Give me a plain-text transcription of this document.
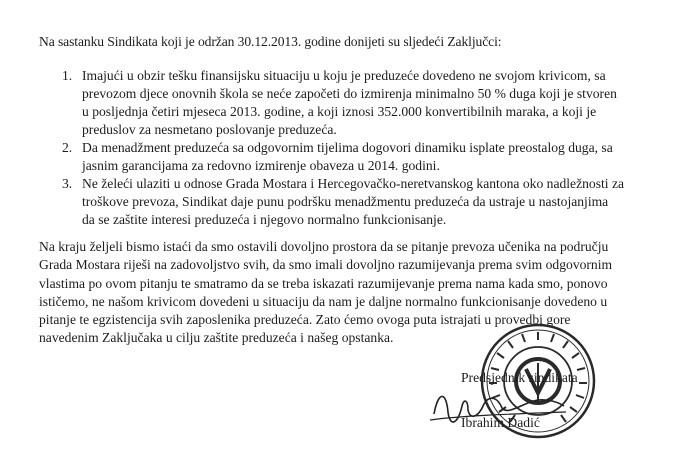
Na sastanku Sindikata koji je održan 30.12.2013. godine donijeti su sljedeći Zaključci:
1. Imajući u obzir tešku finansijsku situaciju u koju je preduzeće dovedeno ne svojom krivicom, sa
prevozom djece onovnih škola se neće započeti do izmirenja minimalno 50 % duga koji je stvoren
u posljednja četiri mjeseca 2013. godine, a koji iznosi 352.000 konvertibilnih maraka, a koji je
preduslov za nesmetano poslovanje preduzeća.
2. Da menadžment preduzeća sa odgovornim tijelima dogovori dinamiku isplate preostalog duga, sa
jasnim garancijama za redovno izmirenje obaveza u 2014. godini.
3. Ne želeći ulaziti u odnose Grada Mostara i Hercegovačko-neretvanskog kantona oko nadležnosti za
troškove prevoza, Sindikat daje punu podršku menadžmentu preduzeća da ustraje u nastojanjima
da se zaštite interesi preduzeća i njegovo normalno funkcionisanje.
Na kraju željeli bismo istaći da smo ostavili dovoljno prostora da se pitanje prevoza učenika na području
Grada Mostara riješi na zadovoljstvo svih, da smo imali dovoljno razumijevanja prema svim odgovornim
vlastima po ovom pitanju te smatramo da se treba iskazati razumijevanje prema nama kada smo, ponovo
ističemo, ne našom krivicom dovedeni u situaciju da nam je daljne normalno funkcionisanje dovedeno u
pitanje te egzistencija svih zaposlenika preduzeća. Zato ćemo ovoga puta istrajati u provedbi gore
navedenim Zaključaka u cilju zaštite preduzeća i našeg opstanka.
Predsjednik sindikata
Ibrahim Dadić
